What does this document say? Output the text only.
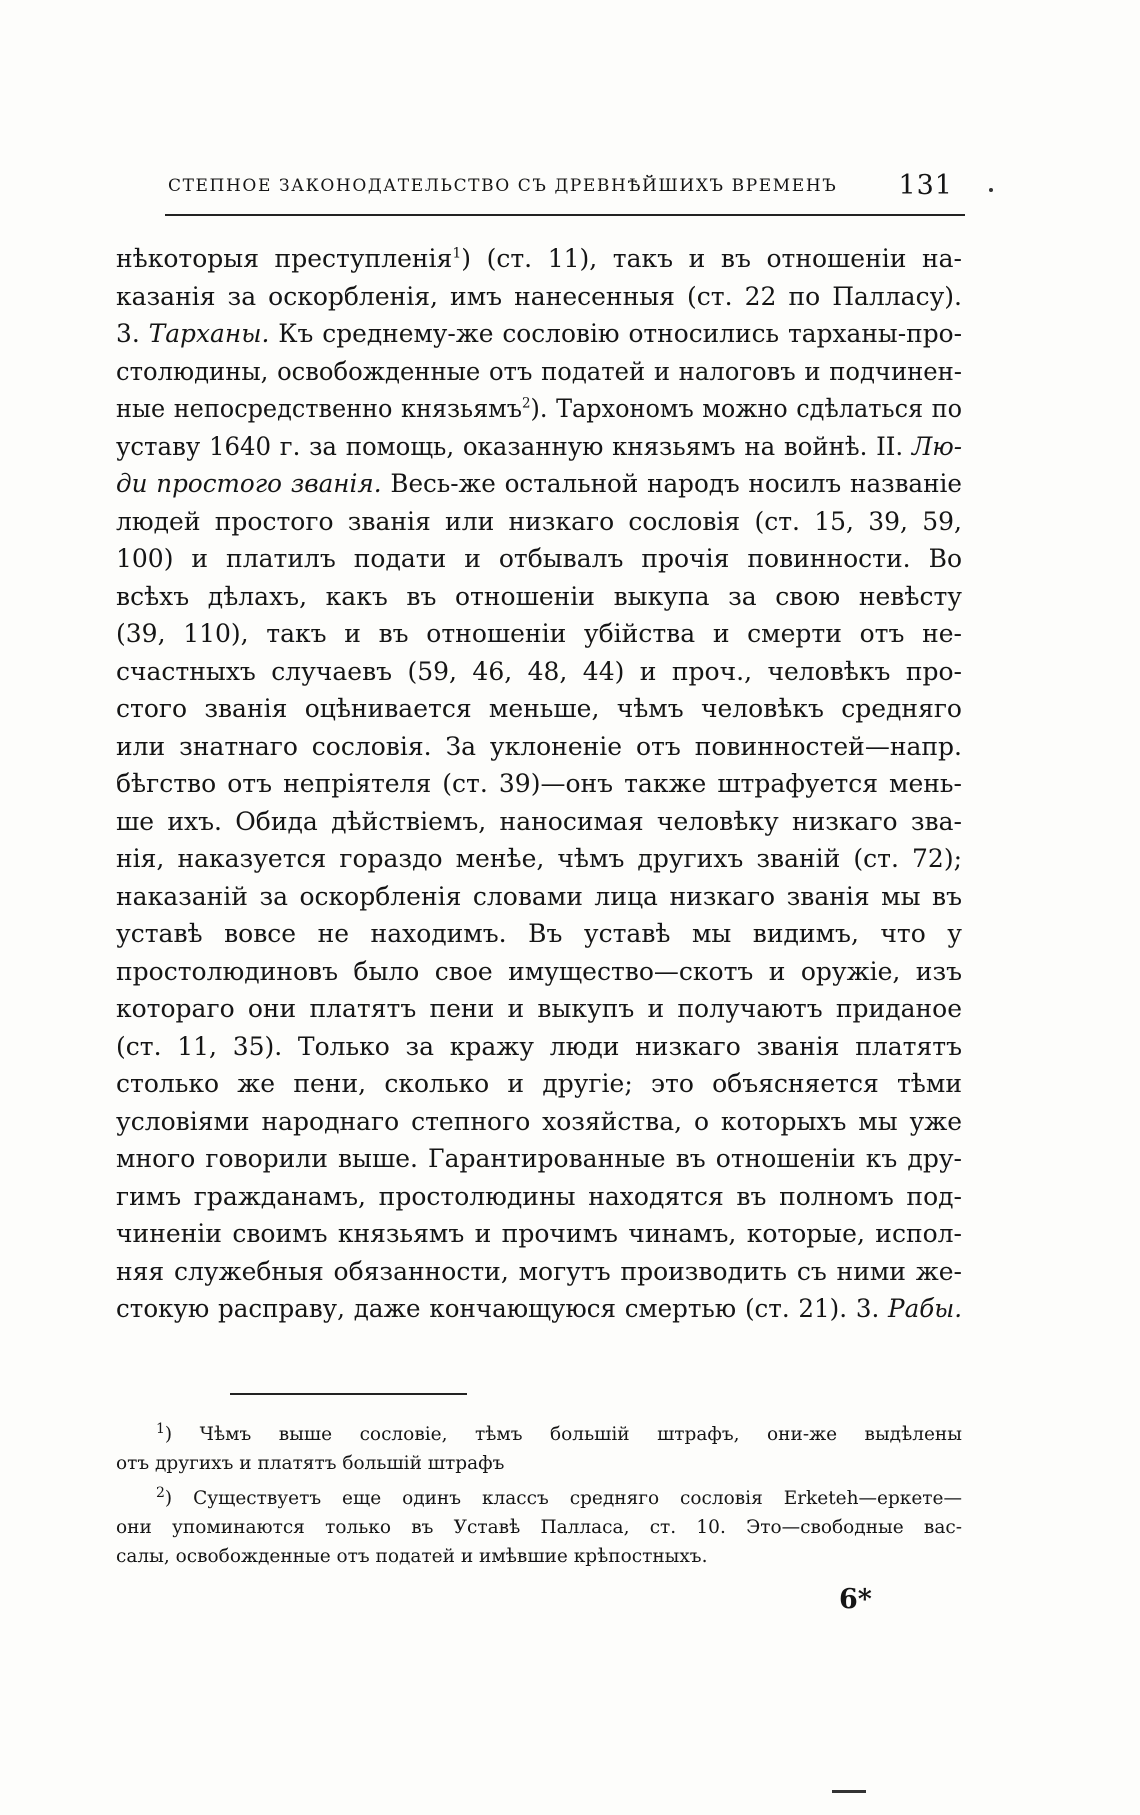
СТЕПНОЕ ЗАКОНОДАТЕЛЬСТВО СЪ ДРЕВНѢЙШИХЪ ВРЕМЕНЪ 131
нѣкоторыя преступленія$^1$) (ст. 11), такъ и въ отношеніи на-
казанія за оскорбленія, имъ нанесенныя (ст. 22 по Палласу).
3. Тарханы. Къ среднему-же сословію относились тарханы-про-
столюдины, освобожденные отъ податей и налоговъ и подчинен-
ные непосредственно князьямъ$^2$). Тархономъ можно сдѣлаться по
уставу 1640 г. за помощь, оказанную князьямъ на войнѣ. II. Лю-
ди простого званія. Весь-же остальной народъ носилъ названіе
людей простого званія или низкаго сословія (ст. 15, 39, 59,
100) и платилъ подати и отбывалъ прочія повинности. Во
всѣхъ дѣлахъ, какъ въ отношеніи выкупа за свою невѣсту
(39, 110), такъ и въ отношеніи убійства и смерти отъ не-
счастныхъ случаевъ (59, 46, 48, 44) и проч., человѣкъ про-
стого званія оцѣнивается меньше, чѣмъ человѣкъ средняго
или знатнаго сословія. За уклоненіе отъ повинностей—напр.
бѣгство отъ непріятеля (ст. 39)—онъ также штрафуется мень-
ше ихъ. Обида дѣйствіемъ, наносимая человѣку низкаго зва-
нія, наказуется гораздо менѣе, чѣмъ другихъ званій (ст. 72);
наказаній за оскорбленія словами лица низкаго званія мы въ
уставѣ вовсе не находимъ. Въ уставѣ мы видимъ, что у
простолюдиновъ было свое имущество—скотъ и оружіе, изъ
котораго они платятъ пени и выкупъ и получаютъ приданое
(ст. 11, 35). Только за кражу люди низкаго званія платятъ
столько же пени, сколько и другіе; это объясняется тѣми
условіями народнаго степного хозяйства, о которыхъ мы уже
много говорили выше. Гарантированные въ отношеніи къ дру-
гимъ гражданамъ, простолюдины находятся въ полномъ под-
чиненіи своимъ князьямъ и прочимъ чинамъ, которые, испол-
няя служебныя обязанности, могутъ производить съ ними же-
стокую расправу, даже кончающуюся смертью (ст. 21). 3. Рабы.
$^1$) Чѣмъ выше сословіе, тѣмъ большій штрафъ, они-же выдѣлены
отъ другихъ и платятъ большій штрафъ
$^2$) Существуетъ еще одинъ классъ средняго сословія Erketeh—еркете—
они упоминаются только въ Уставѣ Палласа, ст. 10. Это—свободные вас-
салы, освобожденные отъ податей и имѣвшие крѣпостныхъ.
6*
